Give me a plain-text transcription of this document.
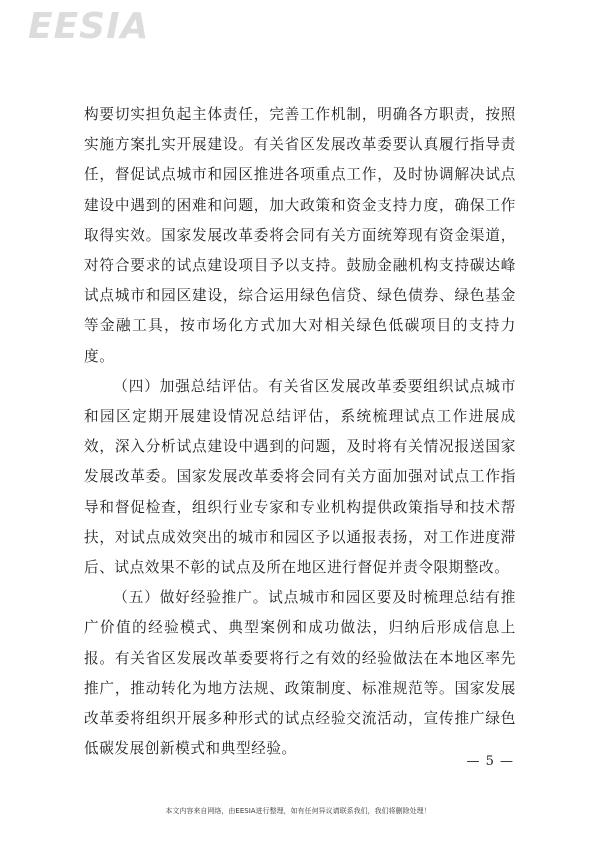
EESIA

构要切实担负起主体责任，完善工作机制，明确各方职责，按照实施方案扎实开展建设。有关省区发展改革委要认真履行指导责任，督促试点城市和园区推进各项重点工作，及时协调解决试点建设中遇到的困难和问题，加大政策和资金支持力度，确保工作取得实效。国家发展改革委将会同有关方面统筹现有资金渠道，对符合要求的试点建设项目予以支持。鼓励金融机构支持碳达峰试点城市和园区建设，综合运用绿色信贷、绿色债券、绿色基金等金融工具，按市场化方式加大对相关绿色低碳项目的支持力度。

（四）加强总结评估。有关省区发展改革委要组织试点城市和园区定期开展建设情况总结评估，系统梳理试点工作进展成效，深入分析试点建设中遇到的问题，及时将有关情况报送国家发展改革委。国家发展改革委将会同有关方面加强对试点工作指导和督促检查，组织行业专家和专业机构提供政策指导和技术帮扶，对试点成效突出的城市和园区予以通报表扬，对工作进度滞后、试点效果不彰的试点及所在地区进行督促并责令限期整改。

（五）做好经验推广。试点城市和园区要及时梳理总结有推广价值的经验模式、典型案例和成功做法，归纳后形成信息上报。有关省区发展改革委要将行之有效的经验做法在本地区率先推广，推动转化为地方法规、政策制度、标准规范等。国家发展改革委将组织开展多种形式的试点经验交流活动，宣传推广绿色低碳发展创新模式和典型经验。

— 5 —
本文内容来自网络，由EESIA进行整理，如有任何异议请联系我们，我们将删除处理！
